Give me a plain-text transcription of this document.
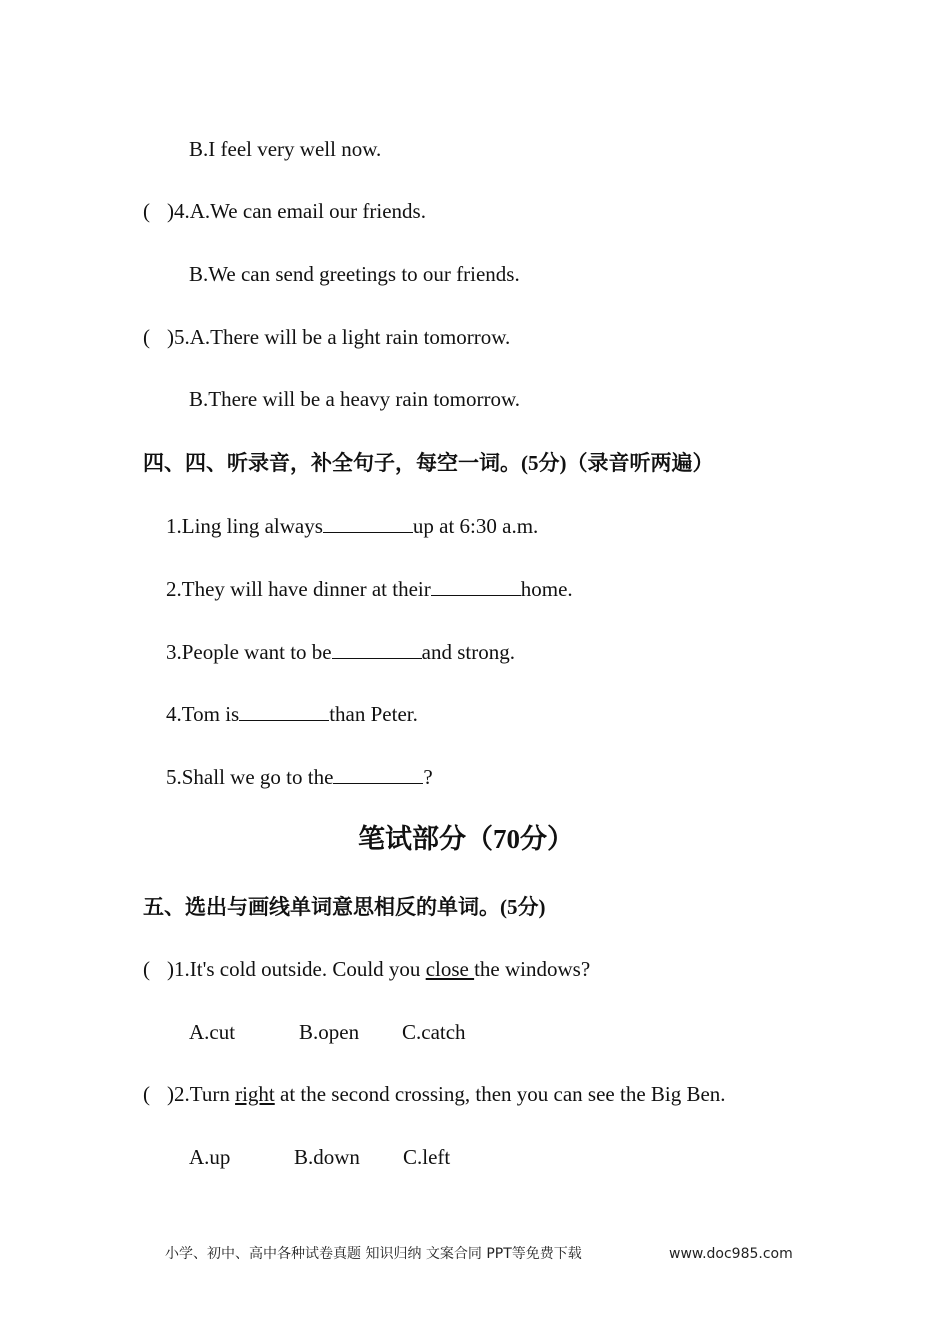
B.I feel very well now.
( )4.A.We can email our friends.
B.We can send greetings to our friends.
( )5.A.There will be a light rain tomorrow.
B.There will be a heavy rain tomorrow.
四、四、听录音，补全句子，每空一词。(5分)（录音听两遍）
1.Ling ling always	up at 6:30 a.m.
2.They will have dinner at their	home.
3.People want to be	and strong.
4.Tom is	than Peter.
5.Shall we go to the	?
笔试部分（70分）
五、选出与画线单词意思相反的单词。(5分)
( )1.It's cold outside. Could you close the windows?
A.cut	B.open C.catch
( )2.Turn right at the second crossing, then you can see the Big Ben.
A.up	B.down C.left
小学、初中、高中各种试卷真题 知识归纳 文案合同 PPT等免费下载	www.doc985.com
